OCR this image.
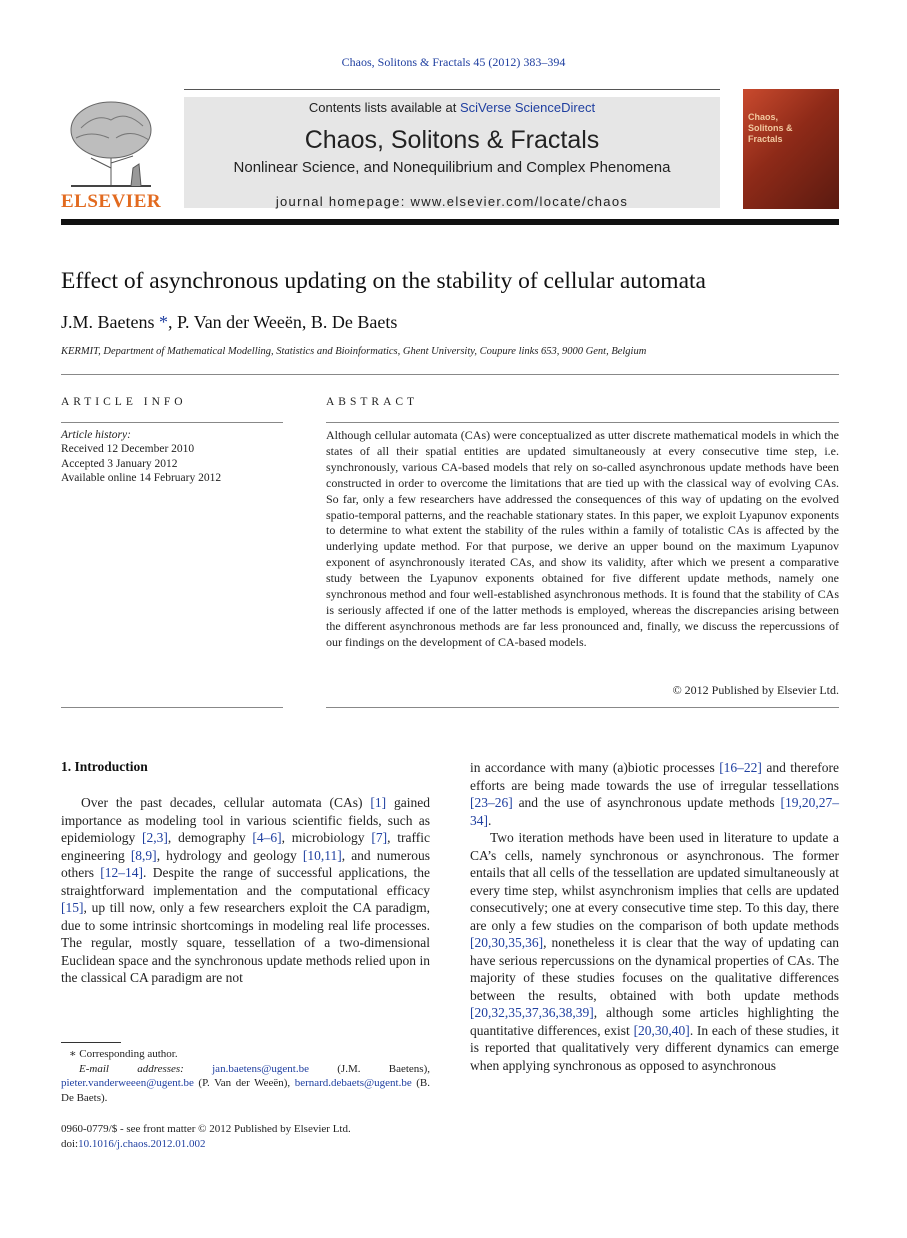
Chaos, Solitons & Fractals 45 (2012) 383–394
ELSEVIER
Contents lists available at SciVerse ScienceDirect
Chaos, Solitons & Fractals
Nonlinear Science, and Nonequilibrium and Complex Phenomena
journal homepage: www.elsevier.com/locate/chaos
Chaos, Solitons & Fractals
Effect of asynchronous updating on the stability of cellular automata
J.M. Baetens *, P. Van der Weeën, B. De Baets
KERMIT, Department of Mathematical Modelling, Statistics and Bioinformatics, Ghent University, Coupure links 653, 9000 Gent, Belgium
ARTICLE INFO
Article history:
Received 12 December 2010
Accepted 3 January 2012
Available online 14 February 2012
ABSTRACT
Although cellular automata (CAs) were conceptualized as utter discrete mathematical models in which the states of all their spatial entities are updated simultaneously at every consecutive time step, i.e. synchronously, various CA-based models that rely on so-called asynchronous update methods have been constructed in order to overcome the limitations that are tied up with the classical way of evolving CAs. So far, only a few researchers have addressed the consequences of this way of updating on the evolved spatio-temporal patterns, and the reachable stationary states. In this paper, we exploit Lyapunov exponents to determine to what extent the stability of the rules within a family of totalistic CAs is affected by the underlying update method. For that purpose, we derive an upper bound on the maximum Lyapunov exponent of asynchronously iterated CAs, and show its validity, after which we present a comparative study between the Lyapunov exponents obtained for five different update methods, namely one synchronous method and four well-established asynchronous methods. It is found that the stability of CAs is seriously affected if one of the latter methods is employed, whereas the discrepancies arising between the different asynchronous methods are far less pronounced and, finally, we discuss the repercussions of our findings on the development of CA-based models.
© 2012 Published by Elsevier Ltd.
1. Introduction

Over the past decades, cellular automata (CAs) [1] gained importance as modeling tool in various scientific fields, such as epidemiology [2,3], demography [4–6], microbiology [7], traffic engineering [8,9], hydrology and geology [10,11], and numerous others [12–14]. Despite the range of successful applications, the straightforward implementation and the computational efficacy [15], up till now, only a few researchers exploit the CA paradigm, due to some intrinsic shortcomings in modeling real life processes. The regular, mostly square, tessellation of a two-dimensional Euclidean space and the synchronous update methods relied upon in the classical CA paradigm are not

in accordance with many (a)biotic processes [16–22] and therefore efforts are being made towards the use of irregular tessellations [23–26] and the use of asynchronous update methods [19,20,27–34].

Two iteration methods have been used in literature to update a CA’s cells, namely synchronous or asynchronous. The former entails that all cells of the tessellation are updated simultaneously at every time step, whilst asynchronism implies that cells are updated consecutively; one at every consecutive time step. To this day, there are only a few studies on the comparison of both update methods [20,30,35,36], nonetheless it is clear that the way of updating can have serious repercussions on the dynamical properties of CAs. The majority of these studies focuses on the qualitative differences between the results, obtained with both update methods [20,32,35,37,36,38,39], although some articles highlighting the quantitative differences, exist [20,30,40]. In each of these studies, it is reported that qualitatively very different dynamics can emerge when applying synchronous as opposed to asynchronous

∗ Corresponding author.
E-mail addresses: jan.baetens@ugent.be (J.M. Baetens), pieter.vanderweeen@ugent.be (P. Van der Weeën), bernard.debaets@ugent.be (B. De Baets).
0960-0779/$ - see front matter © 2012 Published by Elsevier Ltd.
doi:10.1016/j.chaos.2012.01.002
